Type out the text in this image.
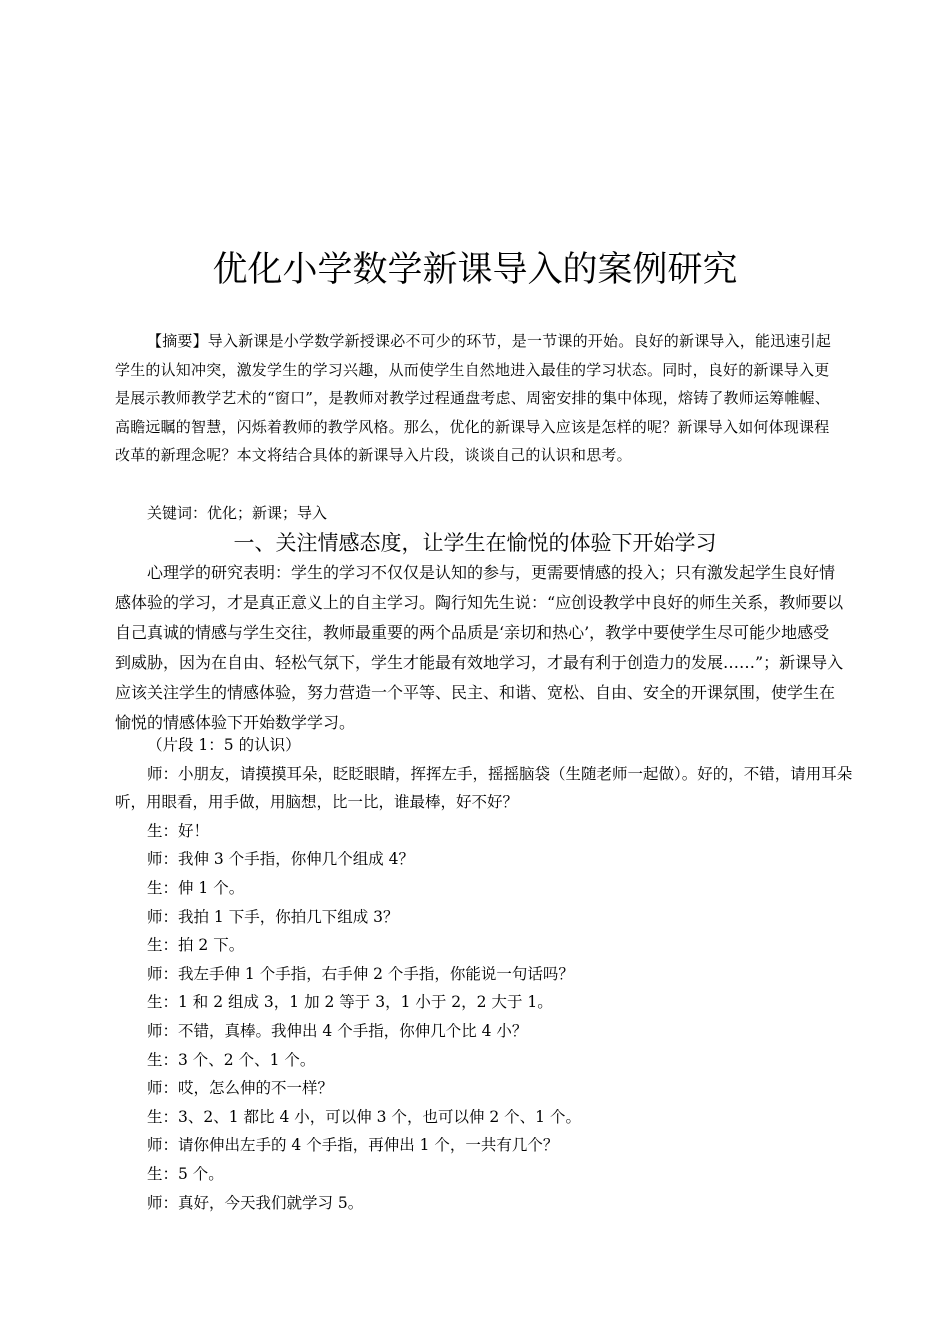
优化小学数学新课导入的案例研究

【摘要】导入新课是小学数学新授课必不可少的环节，是一节课的开始。良好的新课导入，能迅速引起学生的认知冲突，激发学生的学习兴趣，从而使学生自然地进入最佳的学习状态。同时，良好的新课导入更是展示教师教学艺术的“窗口”，是教师对教学过程通盘考虑、周密安排的集中体现，熔铸了教师运筹帷幄、高瞻远瞩的智慧，闪烁着教师的教学风格。那么，优化的新课导入应该是怎样的呢？新课导入如何体现课程改革的新理念呢？本文将结合具体的新课导入片段，谈谈自己的认识和思考。

关键词：优化；新课；导入

一、关注情感态度，让学生在愉悦的体验下开始学习

心理学的研究表明：学生的学习不仅仅是认知的参与，更需要情感的投入；只有激发起学生良好情感体验的学习，才是真正意义上的自主学习。陶行知先生说：“应创设教学中良好的师生关系，教师要以自己真诚的情感与学生交往，教师最重要的两个品质是‘亲切和热心’，教学中要使学生尽可能少地感受到威胁，因为在自由、轻松气氛下，学生才能最有效地学习，才最有利于创造力的发展……”；新课导入应该关注学生的情感体验，努力营造一个平等、民主、和谐、宽松、自由、安全的开课氛围，使学生在愉悦的情感体验下开始数学学习。

（片段 1：5 的认识）
师：小朋友，请摸摸耳朵，眨眨眼睛，挥挥左手，摇摇脑袋（生随老师一起做）。好的，不错，请用耳朵听，用眼看，用手做，用脑想，比一比，谁最棒，好不好？
生：好！
师：我伸 3 个手指，你伸几个组成 4？
生：伸 1 个。
师：我拍 1 下手，你拍几下组成 3？
生：拍 2 下。
师：我左手伸 1 个手指，右手伸 2 个手指，你能说一句话吗？
生：1 和 2 组成 3，1 加 2 等于 3，1 小于 2，2 大于 1。
师：不错，真棒。我伸出 4 个手指，你伸几个比 4 小？
生：3 个、2 个、1 个。
师：哎，怎么伸的不一样？
生：3、2、1 都比 4 小，可以伸 3 个，也可以伸 2 个、1 个。
师：请你伸出左手的 4 个手指，再伸出 1 个，一共有几个？
生：5 个。
师：真好，今天我们就学习 5。
